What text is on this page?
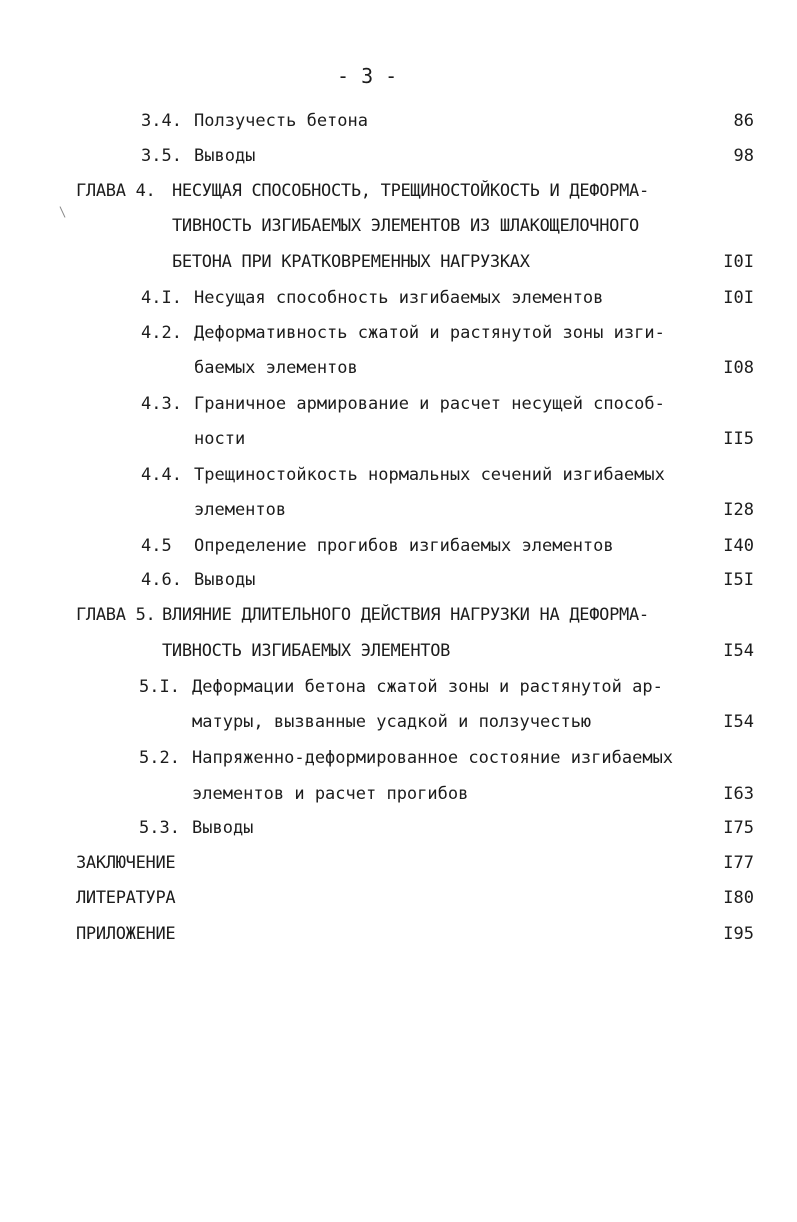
- 3 -
3.4. Ползучесть бетона	86
3.5. Выводы	98
ГЛАВА 4. НЕСУЩАЯ СПОСОБНОСТЬ, ТРЕЩИНОСТОЙКОСТЬ И ДЕФОРМА-
ТИВНОСТЬ ИЗГИБАЕМЫХ ЭЛЕМЕНТОВ ИЗ ШЛАКОЩЕЛОЧНОГО
БЕТОНА ПРИ КРАТКОВРЕМЕННЫХ НАГРУЗКАХ	I0I
4.I. Несущая способность изгибаемых элементов	I0I
4.2. Деформативность сжатой и растянутой зоны изги-
баемых элементов	I08
4.3. Граничное армирование и расчет несущей способ-
ности	II5
4.4. Трещиностойкость нормальных сечений изгибаемых
элементов	I28
4.5 Определение прогибов изгибаемых элементов	I40
4.6. Выводы	I5I
ГЛАВА 5. ВЛИЯНИЕ ДЛИТЕЛЬНОГО ДЕЙСТВИЯ НАГРУЗКИ НА ДЕФОРМА-
ТИВНОСТЬ ИЗГИБАЕМЫХ ЭЛЕМЕНТОВ	I54
5.I. Деформации бетона сжатой зоны и растянутой ар-
матуры, вызванные усадкой и ползучестью	I54
5.2. Напряженно-деформированное состояние изгибаемых
элементов и расчет прогибов	I63
5.3. Выводы	I75
ЗАКЛЮЧЕНИЕ	I77
ЛИТЕРАТУРА	I80
ПРИЛОЖЕНИЕ	I95
